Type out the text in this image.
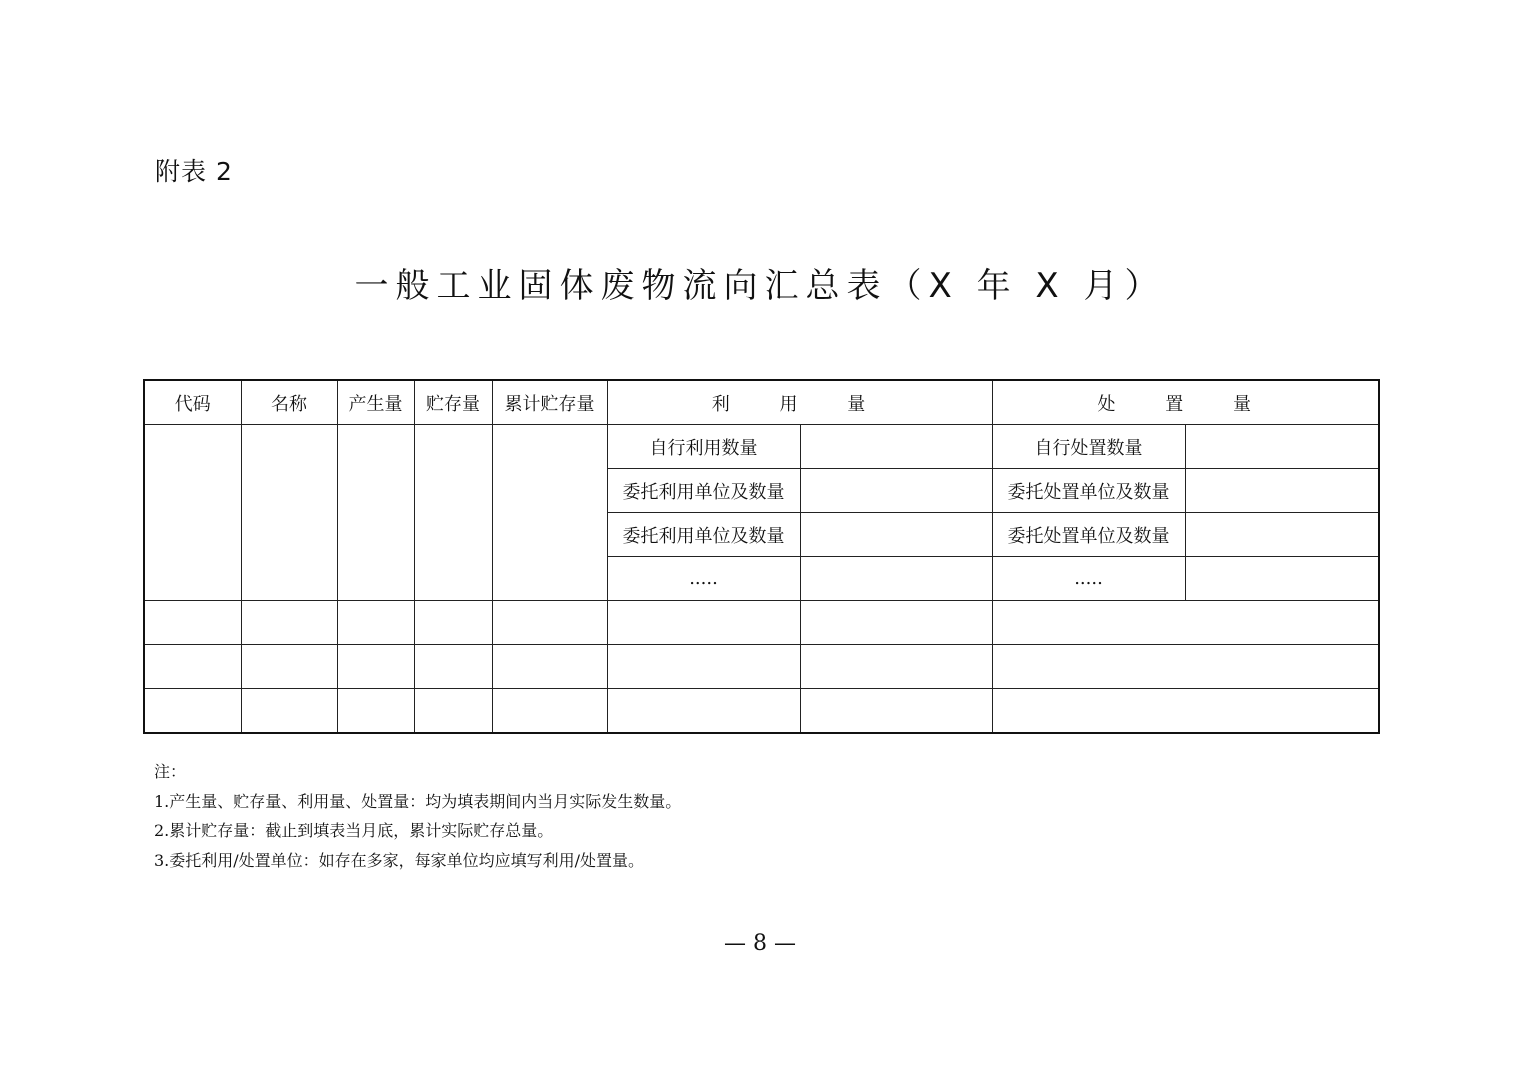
附表 2
一般工业固体废物流向汇总表（X 年 X 月）
代码	名称	产生量	贮存量	累计贮存量	利 用 量		处 置 量	
					自行利用数量		自行处置数量	
					委托利用单位及数量		委托处置单位及数量	
					委托利用单位及数量		委托处置单位及数量	
					.....		.....	

注：
1.产生量、贮存量、利用量、处置量：均为填表期间内当月实际发生数量。
2.累计贮存量：截止到填表当月底，累计实际贮存总量。
3.委托利用/处置单位：如存在多家，每家单位均应填写利用/处置量。
— 8 —
